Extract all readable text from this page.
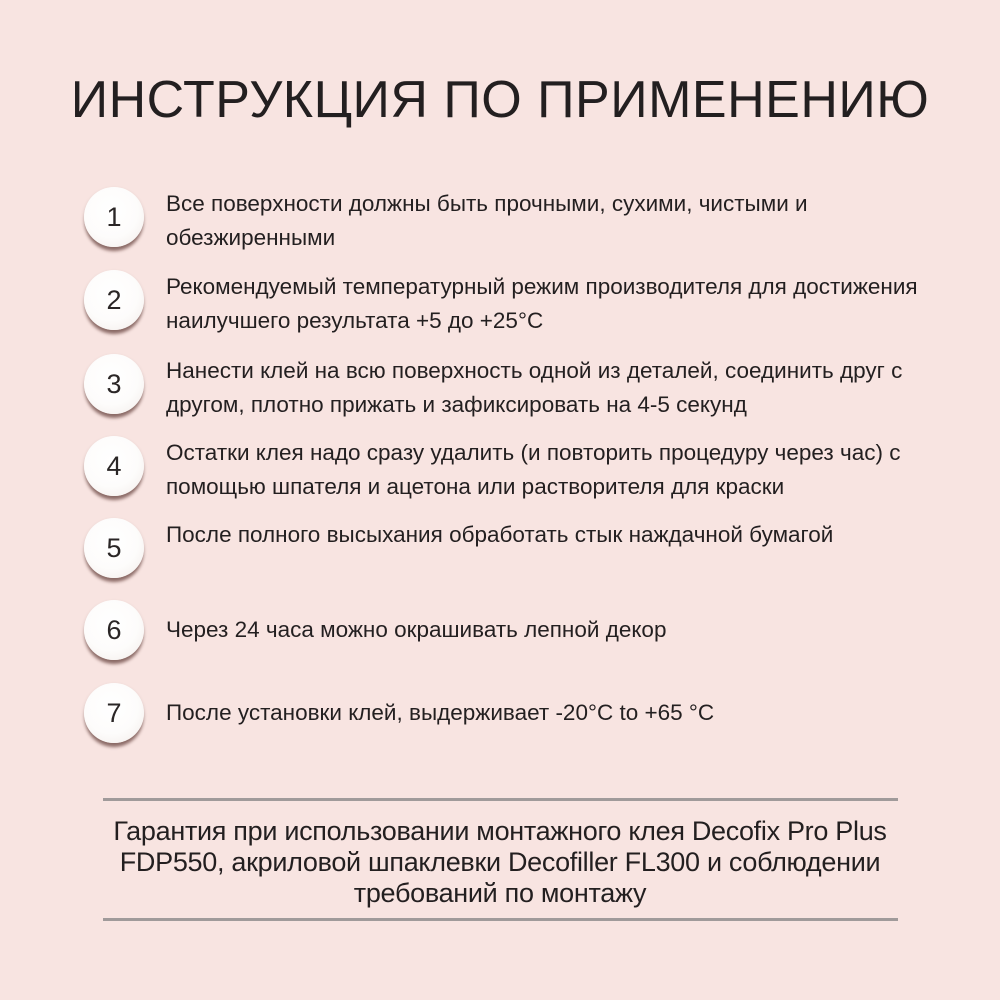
ИНСТРУКЦИЯ ПО ПРИМЕНЕНИЮ
1	Все поверхности должны быть прочными, сухими, чистыми и обезжиренными
2	Рекомендуемый температурный режим производителя для достижения наилучшего результата +5 до +25°C
3	Нанести клей на всю поверхность одной из деталей, соединить друг с другом, плотно прижать и зафиксировать на 4-5 секунд
4	Остатки клея надо сразу удалить (и повторить процедуру через час) с помощью шпателя и ацетона или растворителя для краски
5	После полного высыхания обработать стык наждачной бумагой
6	Через 24 часа можно окрашивать лепной декор
7	После установки клей, выдерживает -20°C to +65 °C
Гарантия при использовании монтажного клея Decofix Pro Plus FDP550, акриловой шпаклевки Decofiller FL300 и соблюдении требований по монтажу
